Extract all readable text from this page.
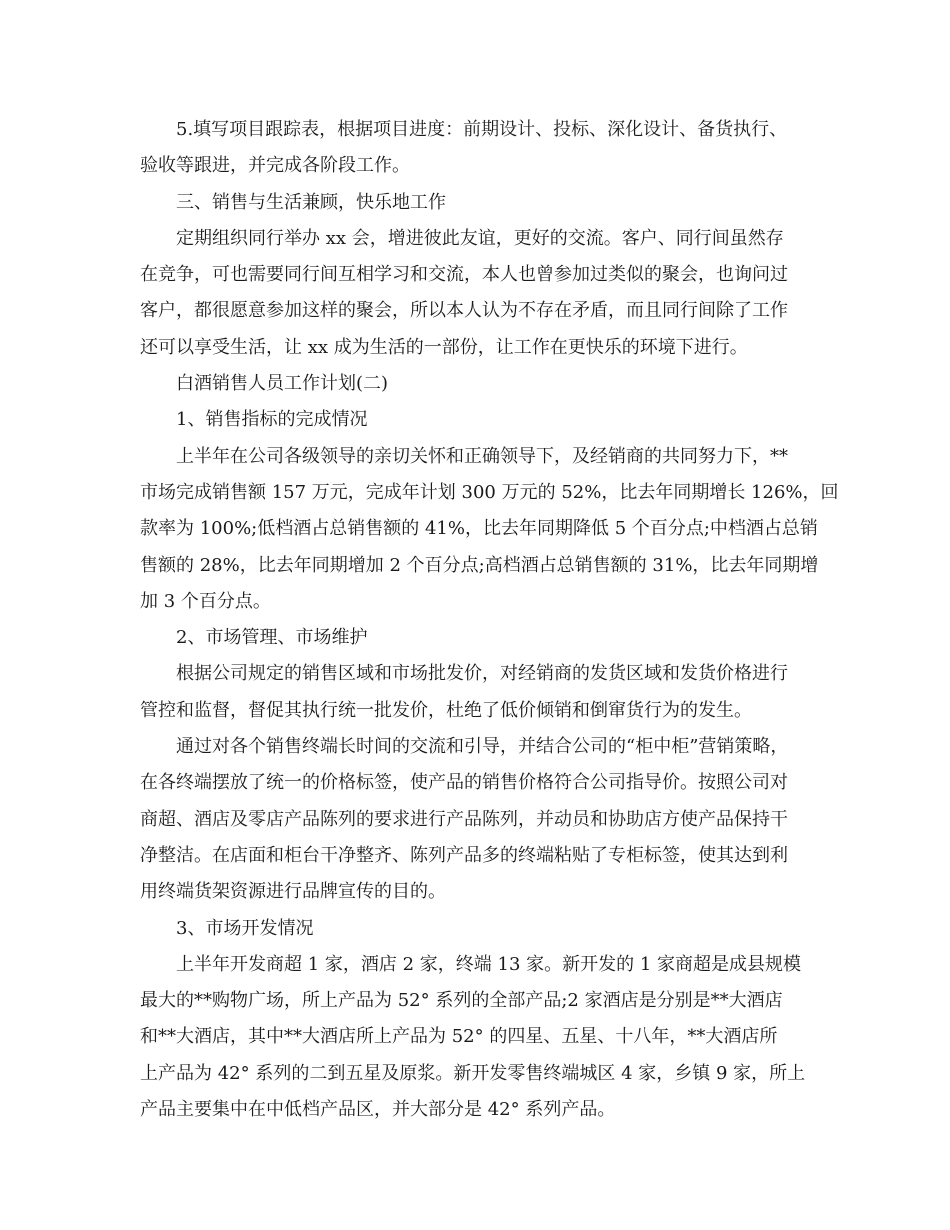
5.填写项目跟踪表，根据项目进度：前期设计、投标、深化设计、备货执行、
验收等跟进，并完成各阶段工作。
三、销售与生活兼顾，快乐地工作
定期组织同行举办 xx 会，增进彼此友谊，更好的交流。客户、同行间虽然存
在竞争，可也需要同行间互相学习和交流，本人也曾参加过类似的聚会，也询问过
客户，都很愿意参加这样的聚会，所以本人认为不存在矛盾，而且同行间除了工作
还可以享受生活，让 xx 成为生活的一部份，让工作在更快乐的环境下进行。
白酒销售人员工作计划(二)
1、销售指标的完成情况
上半年在公司各级领导的亲切关怀和正确领导下，及经销商的共同努力下，**
市场完成销售额 157 万元，完成年计划 300 万元的 52%，比去年同期增长 126%，回
款率为 100%;低档酒占总销售额的 41%，比去年同期降低 5 个百分点;中档酒占总销
售额的 28%，比去年同期增加 2 个百分点;高档酒占总销售额的 31%，比去年同期增
加 3 个百分点。
2、市场管理、市场维护
根据公司规定的销售区域和市场批发价，对经销商的发货区域和发货价格进行
管控和监督，督促其执行统一批发价，杜绝了低价倾销和倒窜货行为的发生。
通过对各个销售终端长时间的交流和引导，并结合公司的“柜中柜”营销策略，
在各终端摆放了统一的价格标签，使产品的销售价格符合公司指导价。按照公司对
商超、酒店及零店产品陈列的要求进行产品陈列，并动员和协助店方使产品保持干
净整洁。在店面和柜台干净整齐、陈列产品多的终端粘贴了专柜标签，使其达到利
用终端货架资源进行品牌宣传的目的。
3、市场开发情况
上半年开发商超 1 家，酒店 2 家，终端 13 家。新开发的 1 家商超是成县规模
最大的**购物广场，所上产品为 52° 系列的全部产品;2 家酒店是分别是**大酒店
和**大酒店，其中**大酒店所上产品为 52° 的四星、五星、十八年，**大酒店所
上产品为 42° 系列的二到五星及原浆。新开发零售终端城区 4 家，乡镇 9 家，所上
产品主要集中在中低档产品区，并大部分是 42° 系列产品。
